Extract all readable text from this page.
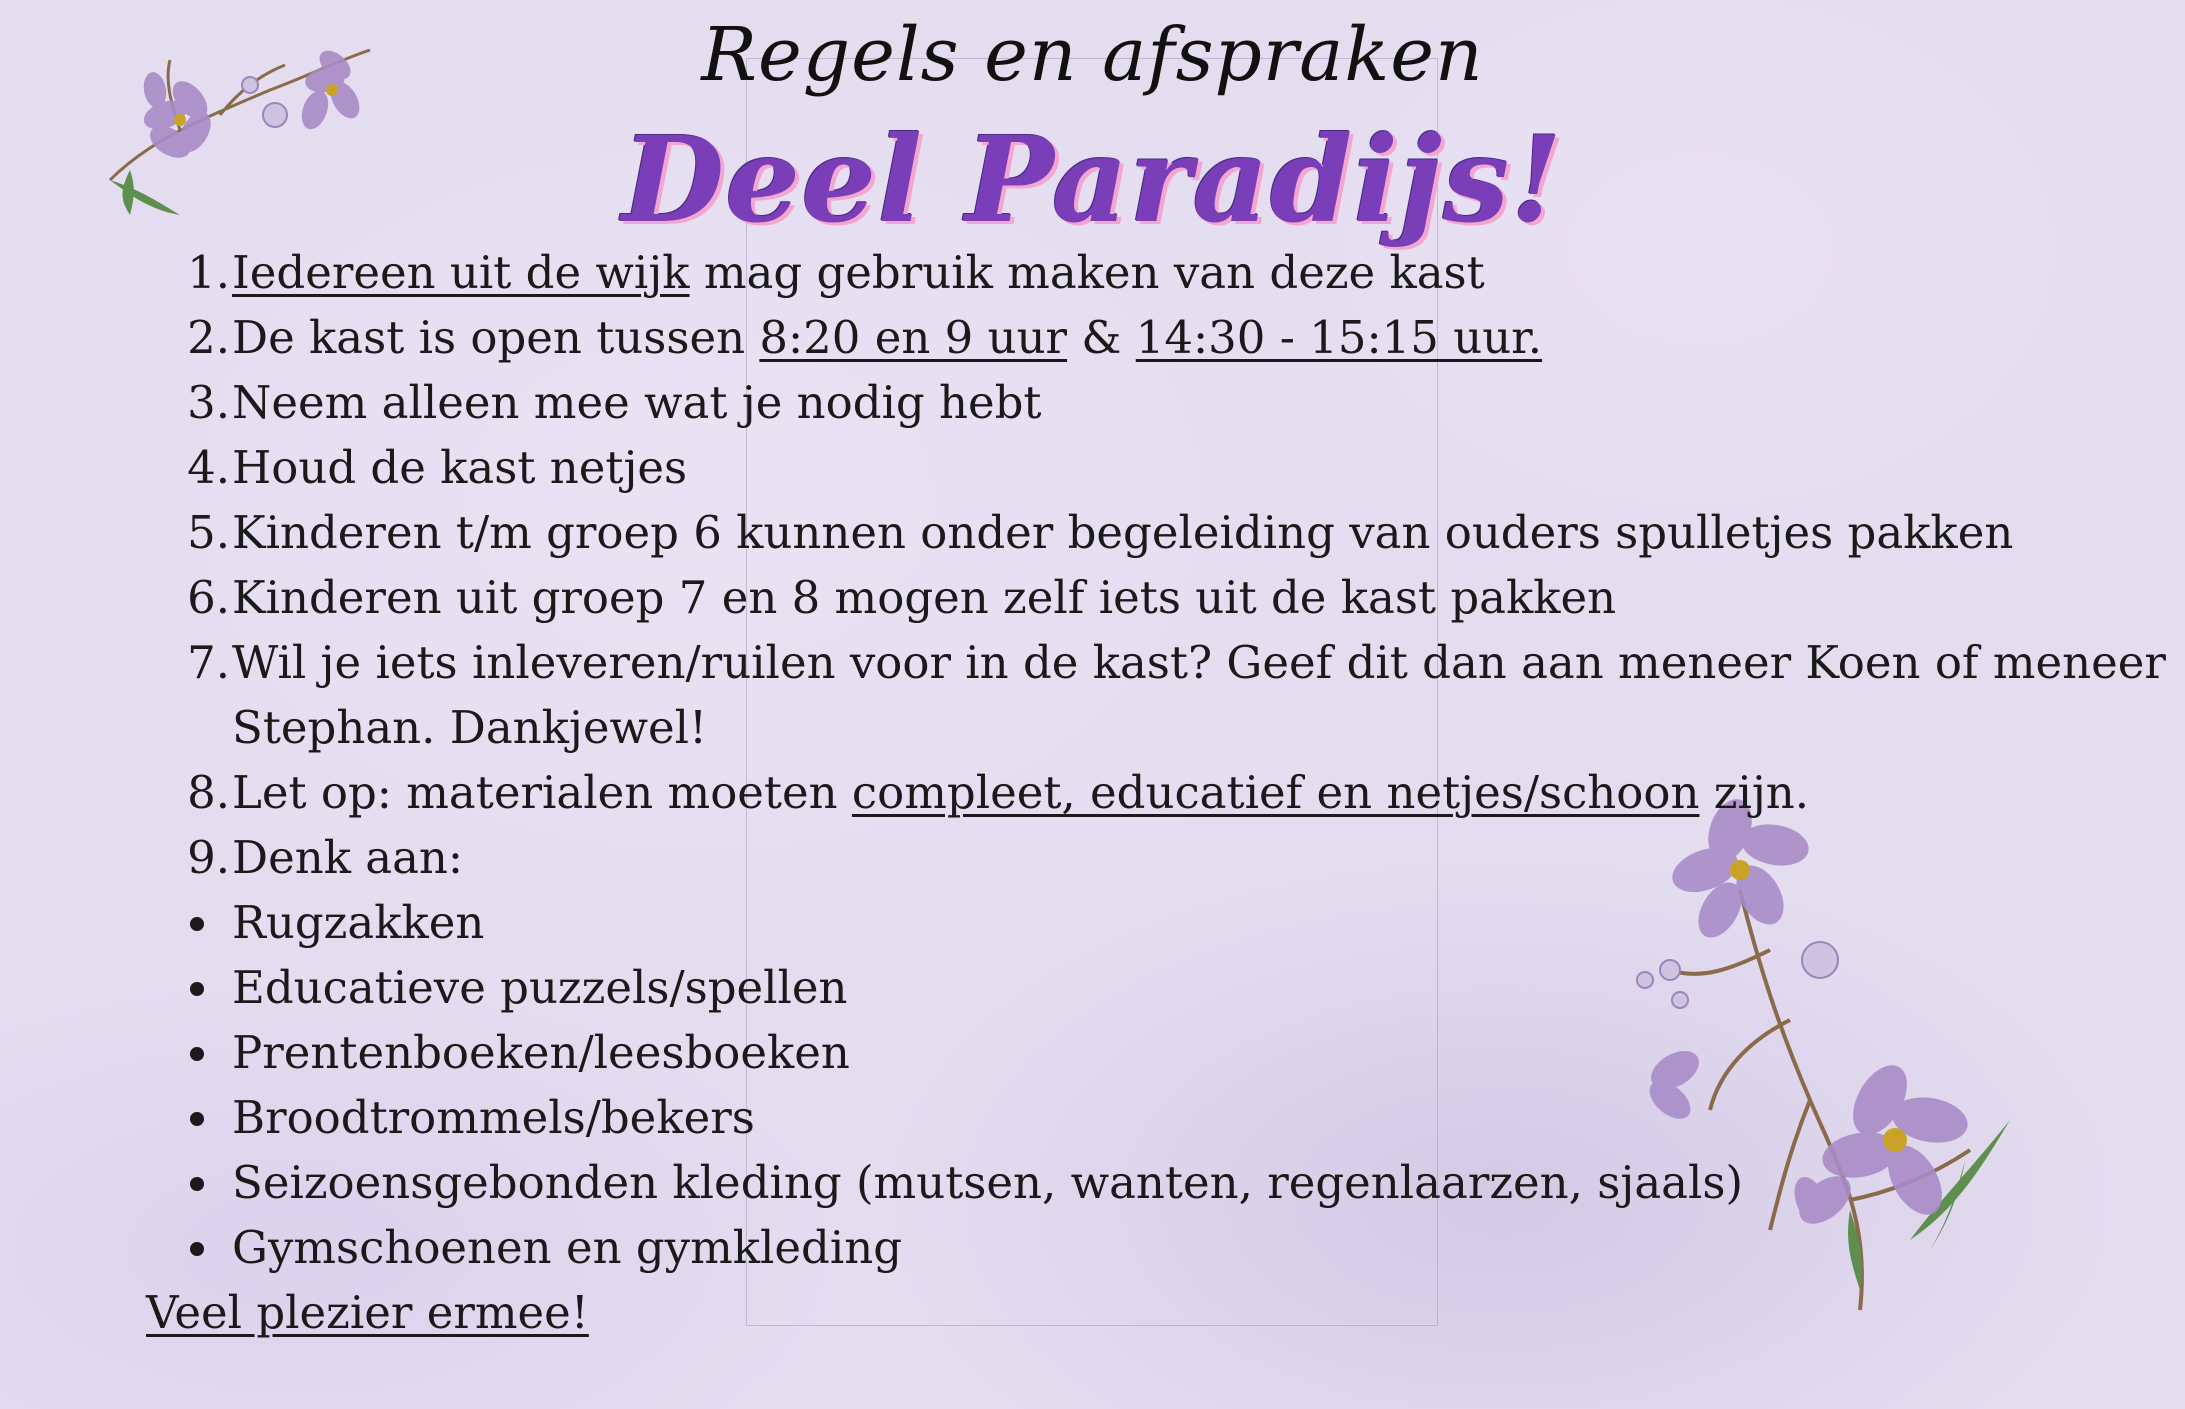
Regels en afspraken
Deel Paradijs!
1. Iedereen uit de wijk mag gebruik maken van deze kast
2. De kast is open tussen 8:20 en 9 uur & 14:30 - 15:15 uur.
3. Neem alleen mee wat je nodig hebt
4. Houd de kast netjes
5. Kinderen t/m groep 6 kunnen onder begeleiding van ouders spulletjes pakken
6. Kinderen uit groep 7 en 8 mogen zelf iets uit de kast pakken
7. Wil je iets inleveren/ruilen voor in de kast? Geef dit dan aan meneer Koen of meneer
Stephan. Dankjewel!
8. Let op: materialen moeten compleet, educatief en netjes/schoon zijn.
9. Denk aan:
Rugzakken
Educatieve puzzels/spellen
Prentenboeken/leesboeken
Broodtrommels/bekers
Seizoensgebonden kleding (mutsen, wanten, regenlaarzen, sjaals)
Gymschoenen en gymkleding
Veel plezier ermee!
